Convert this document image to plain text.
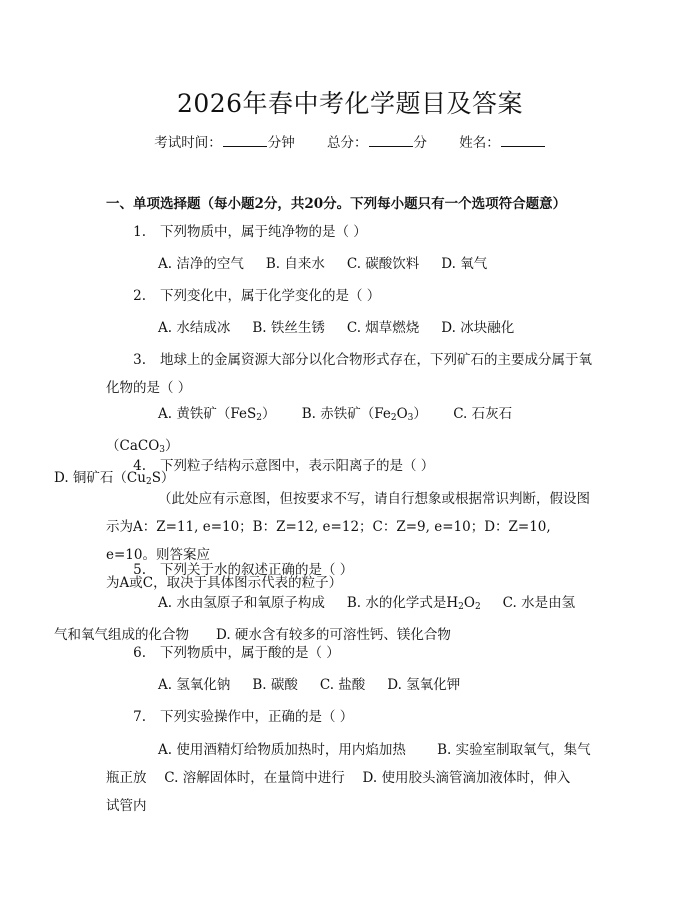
2026年春中考化学题目及答案
考试时间：	分钟 总分：	分 姓名：
一、单项选择题（每小题2分，共20分。下列每小题只有一个选项符合题意）
1. 下列物质中，属于纯净物的是（ ）
A. 洁净的空气 B. 自来水 C. 碳酸饮料 D. 氧气
2. 下列变化中，属于化学变化的是（ ）
A. 水结成冰 B. 铁丝生锈 C. 烟草燃烧 D. 冰块融化
3. 地球上的金属资源大部分以化合物形式存在，下列矿石的主要成分属于氧
化物的是（ ）
A. 黄铁矿（FeS$_2$） B. 赤铁矿$(Fe_2O_3)$ C. 石灰石（CaCO$_3$）
D. 铜矿石$(Cu_2S)$
4. 下列粒子结构示意图中，表示阳离子的是（ ）
（此处应有示意图，但按要求不写，请自行想象或根据常识判断，假设图
示为A：Z=11, e=10；B：Z=12, e=12；C：Z=9, e=10；D：Z=10, e=10。则答案应
为A或C，取决于具体图示代表的粒子）
5. 下列关于水的叙述正确的是（ ）
A. 水由氢原子和氧原子构成 B. 水的化学式是$H_2O_2$ C. 水是由氢
气和氧气组成的化合物　　 D. 硬水含有较多的可溶性钙、镁化合物
6. 下列物质中，属于酸的是（ ）
A. 氢氧化钠 B. 碳酸 C. 盐酸 D. 氢氧化钾
7. 下列实验操作中，正确的是（ ）
A. 使用酒精灯给物质加热时，用内焰加热　　 B. 实验室制取氧气，集气
瓶正放　 C. 溶解固体时，在量筒中进行　 D. 使用胶头滴管滴加液体时，伸入
试管内
